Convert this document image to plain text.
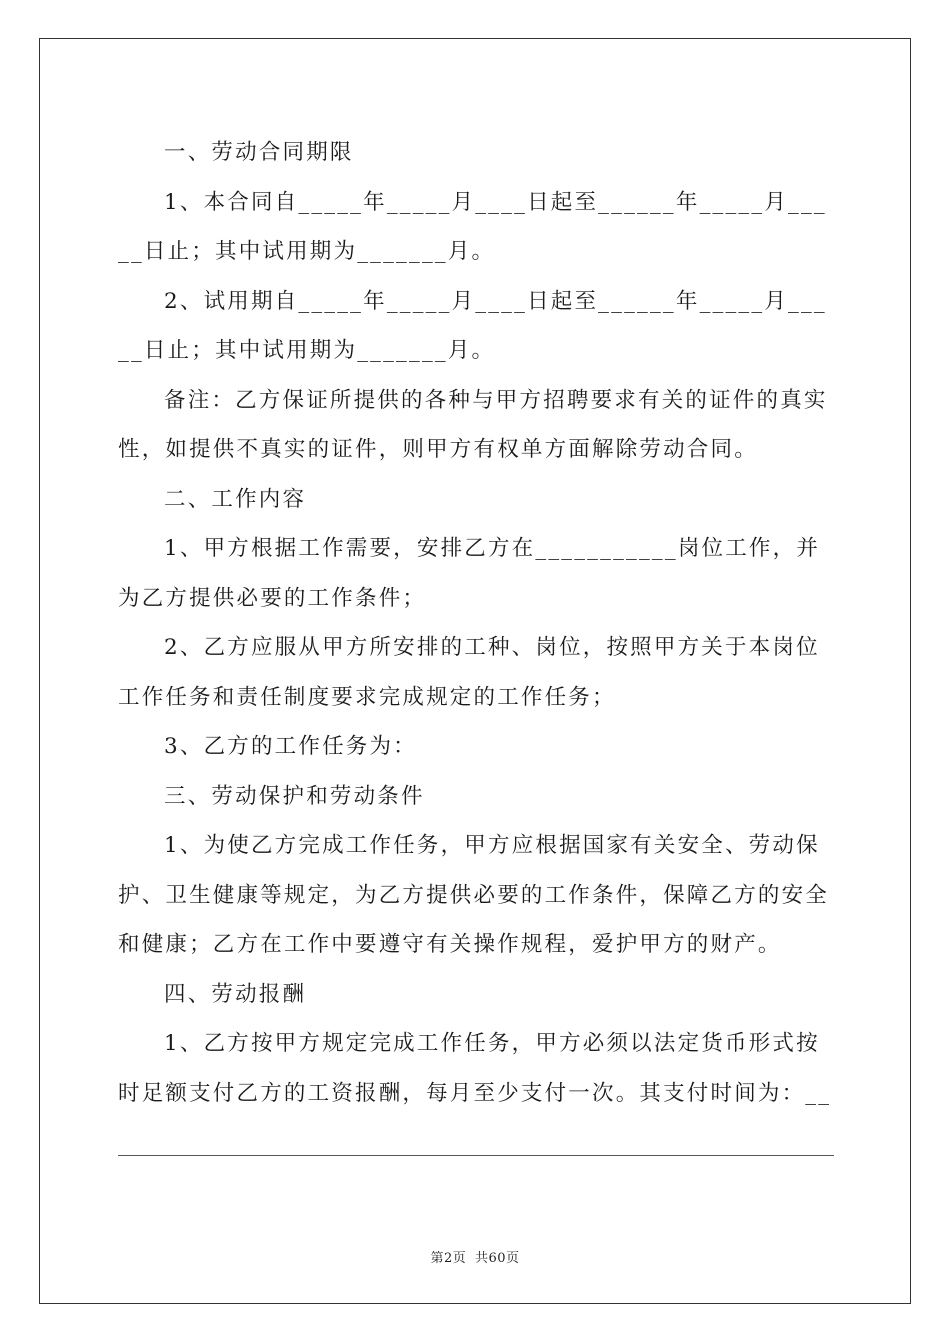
一、劳动合同期限

1、本合同自_____年_____月____日起至______年_____月_____日止；其中试用期为_______月。

2、试用期自_____年_____月____日起至______年_____月_____日止；其中试用期为_______月。

备注：乙方保证所提供的各种与甲方招聘要求有关的证件的真实性，如提供不真实的证件，则甲方有权单方面解除劳动合同。

二、工作内容

1、甲方根据工作需要，安排乙方在___________岗位工作，并为乙方提供必要的工作条件；

2、乙方应服从甲方所安排的工种、岗位，按照甲方关于本岗位工作任务和责任制度要求完成规定的工作任务；

3、乙方的工作任务为：

三、劳动保护和劳动条件

1、为使乙方完成工作任务，甲方应根据国家有关安全、劳动保护、卫生健康等规定，为乙方提供必要的工作条件，保障乙方的安全和健康；乙方在工作中要遵守有关操作规程，爱护甲方的财产。

四、劳动报酬

1、乙方按甲方规定完成工作任务，甲方必须以法定货币形式按时足额支付乙方的工资报酬，每月至少支付一次。其支付时间为：__

第2页 共60页
